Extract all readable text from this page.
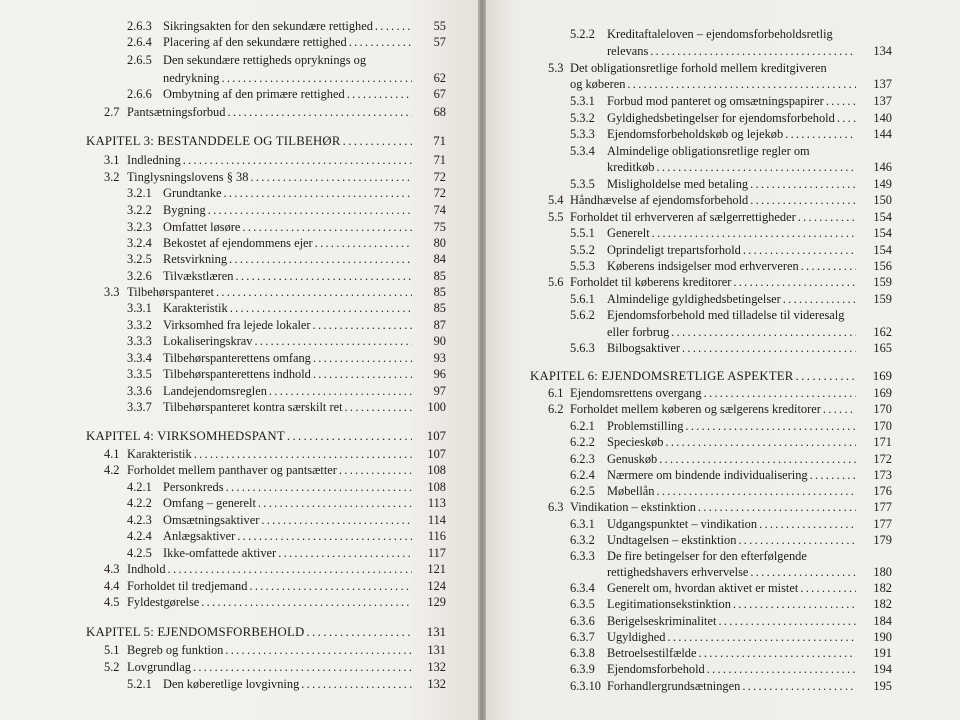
2.6.3 Sikringsakten for den sekundære rettighed . . .	55
2.6.4 Placering af den sekundære rettighed . . .	57
2.6.5 Den sekundære rettigheds opryknings og
nedrykning . . .	62
2.6.6 Ombytning af den primære rettighed . . .	67
2.7 Pantsætningsforbud . . .	68
KAPITEL 3: BESTANDDELE OG TILBEHØR . . .	71
3.1 Indledning . . .	71
3.2 Tinglysningslovens § 38 . . .	72
3.2.1 Grundtanke . . .	72
3.2.2 Bygning . . .	74
3.2.3 Omfattet løsøre . . .	75
3.2.4 Bekostet af ejendommens ejer . . .	80
3.2.5 Retsvirkning . . .	84
3.2.6 Tilvækstlæren . . .	85
3.3 Tilbehørspanteret . . .	85
3.3.1 Karakteristik . . .	85
3.3.2 Virksomhed fra lejede lokaler . . .	87
3.3.3 Lokaliseringskrav . . .	90
3.3.4 Tilbehørspanterettens omfang . . .	93
3.3.5 Tilbehørspanterettens indhold . . .	96
3.3.6 Landejendomsreglen . . .	97
3.3.7 Tilbehørspanteret kontra særskilt ret . . .	100
KAPITEL 4: VIRKSOMHEDSPANT . . .	107
4.1 Karakteristik . . .	107
4.2 Forholdet mellem panthaver og pantsætter . . .	108
4.2.1 Personkreds . . .	108
4.2.2 Omfang – generelt . . .	113
4.2.3 Omsætningsaktiver . . .	114
4.2.4 Anlægsaktiver . . .	116
4.2.5 Ikke-omfattede aktiver . . .	117
4.3 Indhold . . .	121
4.4 Forholdet til tredjemand . . .	124
4.5 Fyldestgørelse . . .	129
KAPITEL 5: EJENDOMSFORBEHOLD . . .	131
5.1 Begreb og funktion . . .	131
5.2 Lovgrundlag . . .	132
5.2.1 Den køberetlige lovgivning . . .	132
5.2.2 Kreditaftaleloven – ejendomsforbeholdsretlig
relevans . . .	134
5.3 Det obligationsretlige forhold mellem kreditgiveren
og køberen . . .	137
5.3.1 Forbud mod panteret og omsætningspapirer . . .	137
5.3.2 Gyldighedsbetingelser for ejendomsforbehold . . .	140
5.3.3 Ejendomsforbeholdskøb og lejekøb . . .	144
5.3.4 Almindelige obligationsretlige regler om
kreditkøb . . .	146
5.3.5 Misligholdelse med betaling . . .	149
5.4 Håndhævelse af ejendomsforbehold . . .	150
5.5 Forholdet til erhververen af sælgerrettigheder . . .	154
5.5.1 Generelt . . .	154
5.5.2 Oprindeligt trepartsforhold . . .	154
5.5.3 Køberens indsigelser mod erhververen . . .	156
5.6 Forholdet til køberens kreditorer . . .	159
5.6.1 Almindelige gyldighedsbetingelser . . .	159
5.6.2 Ejendomsforbehold med tilladelse til videresalg
eller forbrug . . .	162
5.6.3 Bilbogsaktiver . . .	165
KAPITEL 6: EJENDOMSRETLIGE ASPEKTER . . .	169
6.1 Ejendomsrettens overgang . . .	169
6.2 Forholdet mellem køberen og sælgerens kreditorer . . .	170
6.2.1 Problemstilling . . .	170
6.2.2 Specieskøb . . .	171
6.2.3 Genuskøb . . .	172
6.2.4 Nærmere om bindende individualisering . . .	173
6.2.5 Møbellån . . .	176
6.3 Vindikation – ekstinktion . . .	177
6.3.1 Udgangspunktet – vindikation . . .	177
6.3.2 Undtagelsen – ekstinktion . . .	179
6.3.3 De fire betingelser for den efterfølgende
rettighedshavers erhvervelse . . .	180
6.3.4 Generelt om, hvordan aktivet er mistet . . .	182
6.3.5 Legitimationsekstinktion . . .	182
6.3.6 Berigelseskriminalitet . . .	184
6.3.7 Ugyldighed . . .	190
6.3.8 Betroelsestilfælde . . .	191
6.3.9 Ejendomsforbehold . . .	194
6.3.10 Forhandlergrundsætningen . . .	195
